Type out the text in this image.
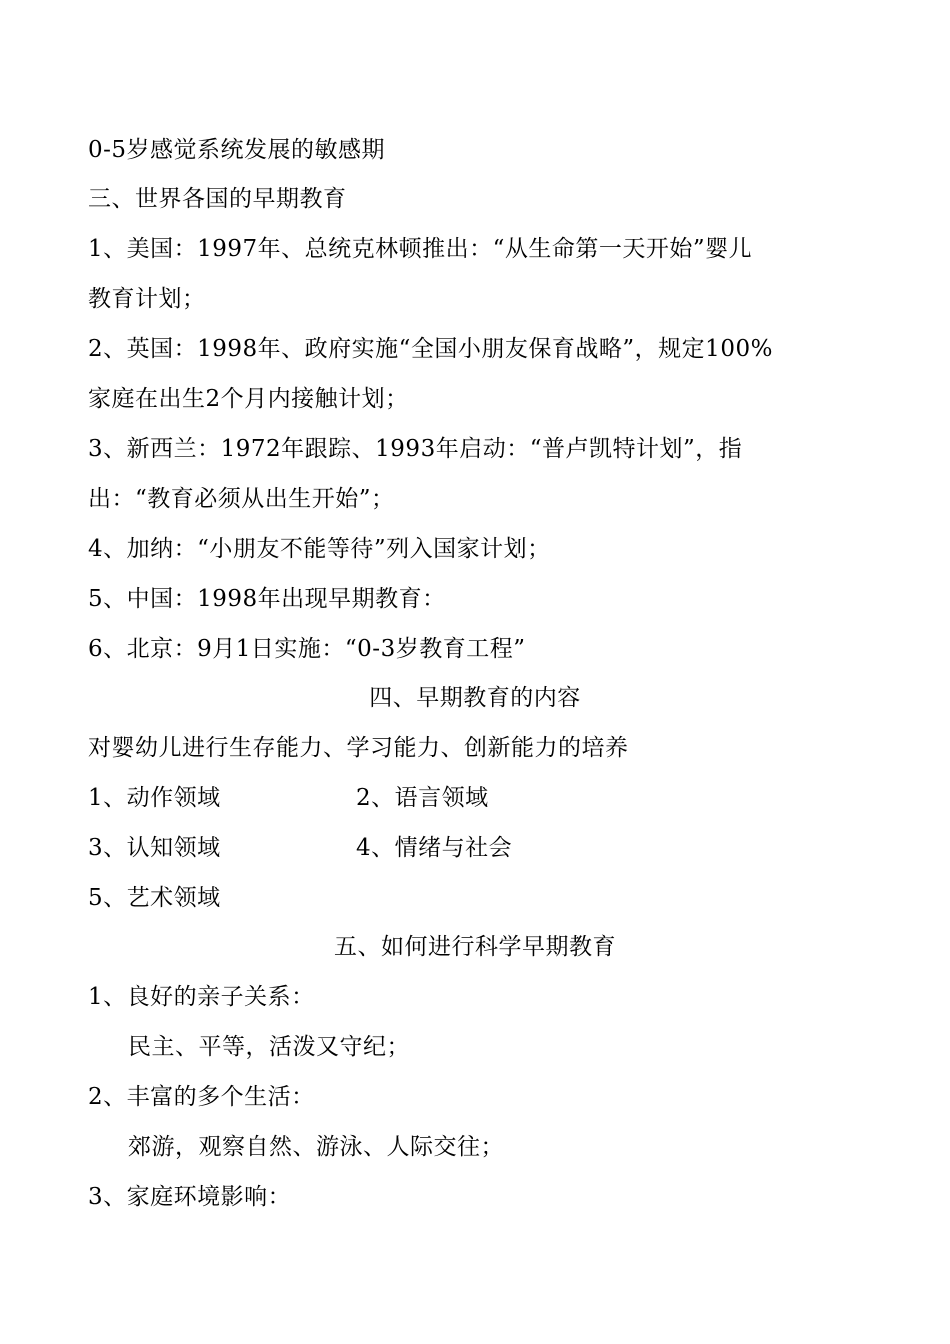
0-5岁感觉系统发展的敏感期
三、世界各国的早期教育
1、美国：1997年、总统克林顿推出：“从生命第一天开始”婴儿
教育计划；
2、英国：1998年、政府实施“全国小朋友保育战略”，规定100%
家庭在出生2个月内接触计划；
3、新西兰：1972年跟踪、1993年启动：“普卢凯特计划”，指
出：“教育必须从出生开始”；
4、加纳：“小朋友不能等待”列入国家计划；
5、中国：1998年出现早期教育：
6、北京：9月1日实施：“0-3岁教育工程”
四、早期教育的内容
对婴幼儿进行生存能力、学习能力、创新能力的培养
1、动作领域	2、语言领域
3、认知领域	4、情绪与社会
5、艺术领域
五、如何进行科学早期教育
1、良好的亲子关系：
民主、平等，活泼又守纪；
2、丰富的多个生活：
郊游，观察自然、游泳、人际交往；
3、家庭环境影响：
